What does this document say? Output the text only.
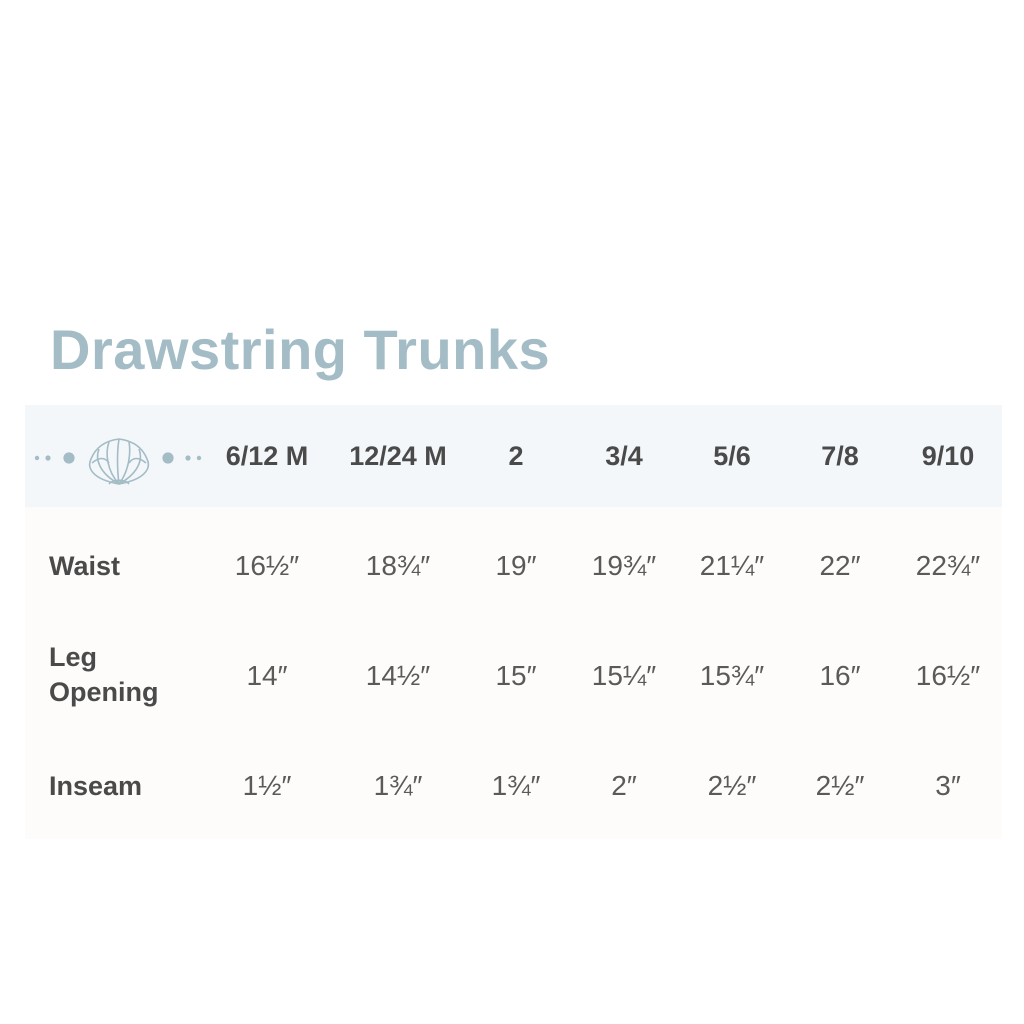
Drawstring Trunks
6/12 M 12/24 M 2	3/4	5/6	7/8 9/10
Waist	16½″ 18¾″ 19″ 19¾″ 21¼″ 22″ 22¾″
Leg
Opening
14″	14½″ 15″ 15¼″ 15¾″ 16″ 16½″
Inseam	1½″	1¾″ 1¾″	2″	2½″ 2½″	3″
